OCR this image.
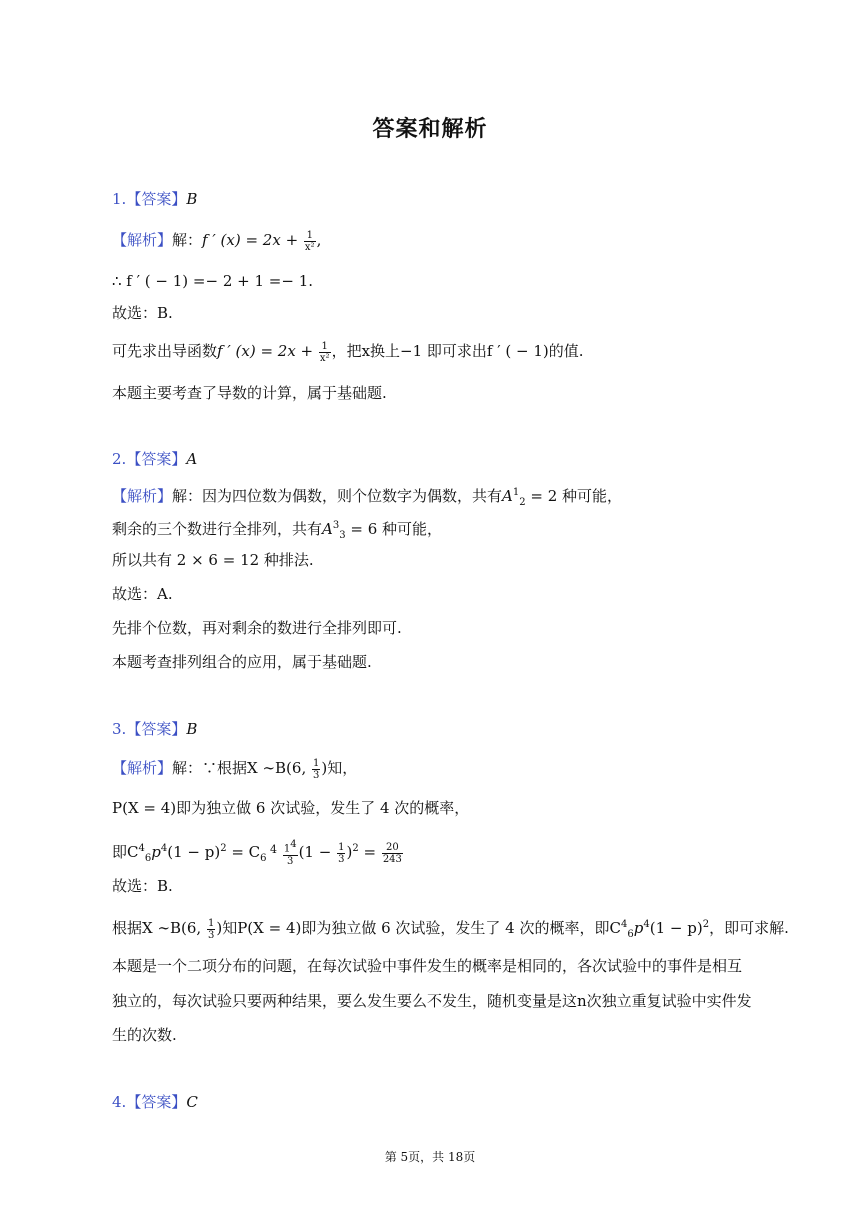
答案和解析
1.【答案】B
【解析】解：f ′ $(x) = 2x + \frac{1}{\text{x²}}$ ,
∴ f ′ ( − 1) =− 2 + 1 =− 1.
故选：B.
可先求出导函数f ′ $(x) = 2x + \frac{1}{\text{x²}}$ ，把x换上−1 即可求出f ′ ( − 1)的值.
本题主要考查了导数的计算，属于基础题.
2.【答案】A
【解析】解：因为四位数为偶数，则个位数字为偶数，共有$A^1_2 = 2$ 种可能，
剩余的三个数进行全排列，共有$A^3_3 = 6$ 种可能，
所以共有 2 × 6 = 12 种排法.
故选：A.
先排个位数，再对剩余的数进行全排列即可.
本题考查排列组合的应用，属于基础题.
3.【答案】B
【解析】解：∵根据X ∼B(6, $\frac{1}{3}$ )知，
P(X = 4)即为独立做 6 次试验，发生了 4 次的概率，
即$C^4_6p^4(1 - p)^2 = C_6$ $^4 \frac{1^4}{3} (1 - \frac{1}{3} )^2 = \frac{20}{243}$
故选：B.
根据X ∼B(6, $\frac{1}{3}$ )知P(X = 4)即为独立做 6 次试验，发生了 4 次的概率，即$C^4_6p^4(1 - p)^2$，即可求解.
本题是一个二项分布的问题，在每次试验中事件发生的概率是相同的，各次试验中的事件是相互
独立的，每次试验只要两种结果，要么发生要么不发生，随机变量是这n次独立重复试验中实件发
生的次数.
4.【答案】C
第 5页，共 18页
